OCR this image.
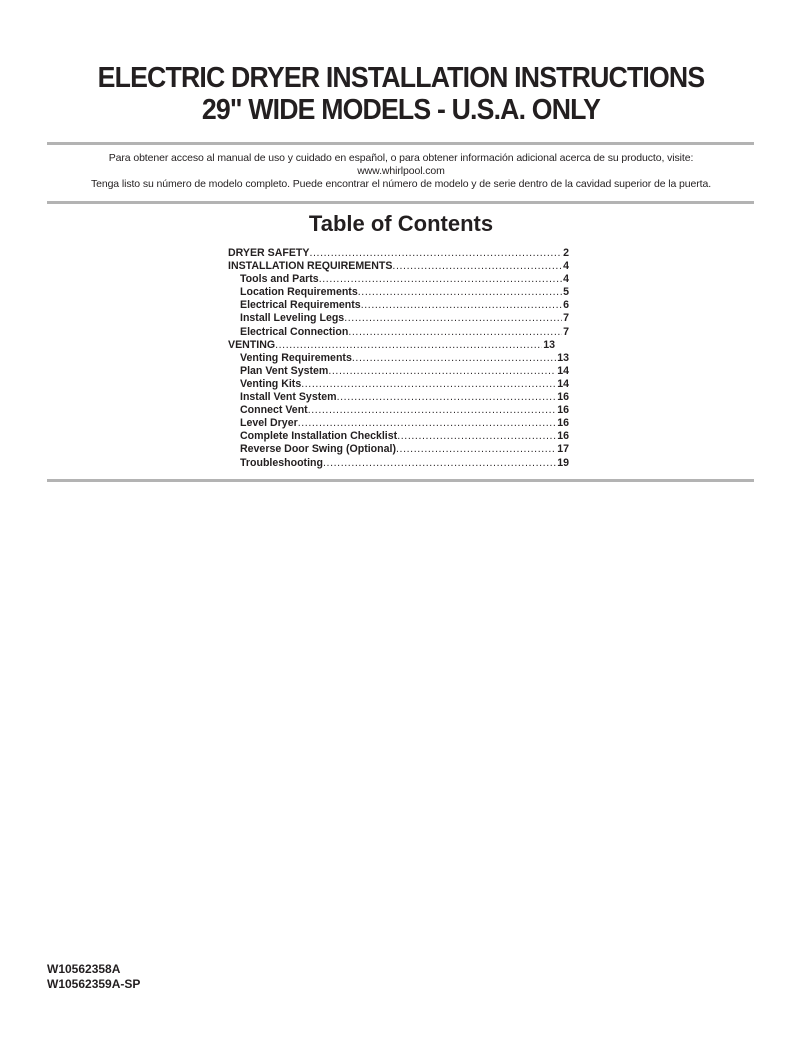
ELECTRIC DRYER INSTALLATION INSTRUCTIONS
29" WIDE MODELS - U.S.A. ONLY
Para obtener acceso al manual de uso y cuidado en español, o para obtener información adicional acerca de su producto, visite:
www.whirlpool.com
Tenga listo su número de modelo completo. Puede encontrar el número de modelo y de serie dentro de la cavidad superior de la puerta.
Table of Contents
DRYER SAFETY .....	2
INSTALLATION REQUIREMENTS .....	4
Tools and Parts .....	4
Location Requirements .....	5
Electrical Requirements .....	6
Install Leveling Legs .....	7
Electrical Connection .....	7
VENTING .....	13
Venting Requirements .....	13
Plan Vent System .....	14
Venting Kits .....	14
Install Vent System .....	16
Connect Vent .....	16
Level Dryer .....	16
Complete Installation Checklist .....	16
Reverse Door Swing (Optional) .....	17
Troubleshooting .....	19
W10562358A
W10562359A-SP
